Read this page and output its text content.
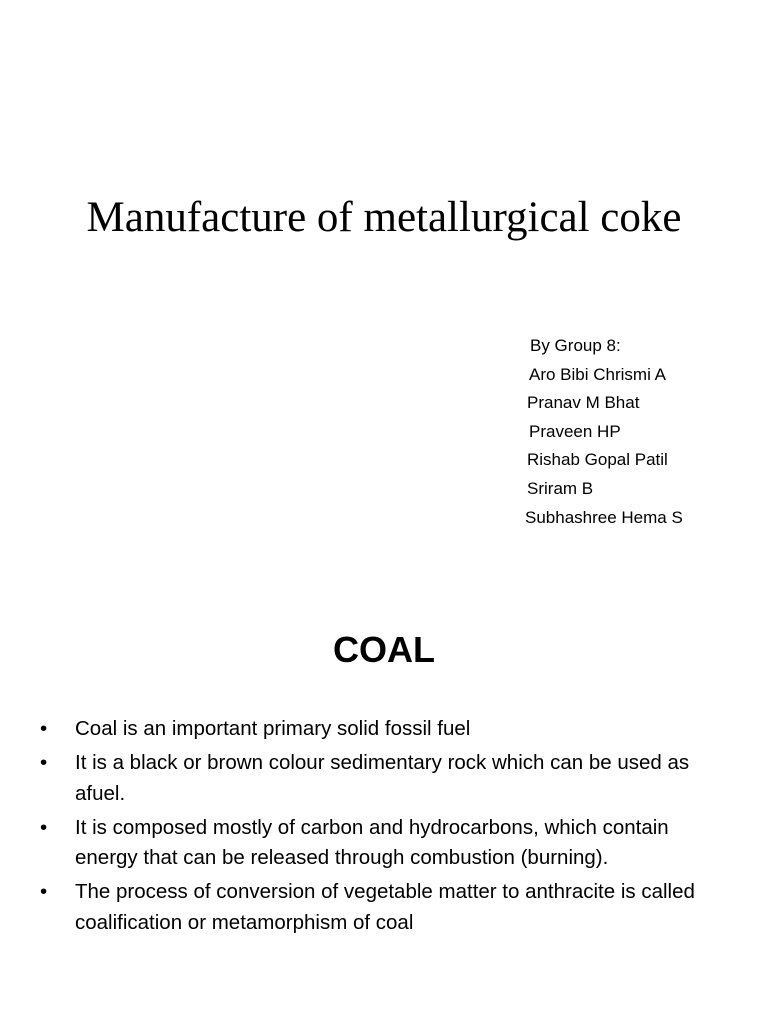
Manufacture of metallurgical coke
By Group 8:
Aro Bibi Chrismi A
Pranav M Bhat
Praveen HP
Rishab Gopal Patil
Sriram B
Subhashree Hema S
COAL
•	Coal is an important primary solid fossil fuel
•	It is a black or brown colour sedimentary rock which can be used as afuel.
•	It is composed mostly of carbon and hydrocarbons, which contain energy that can be released through combustion (burning).
•	The process of conversion of vegetable matter to anthracite is called coalification or metamorphism of coal
